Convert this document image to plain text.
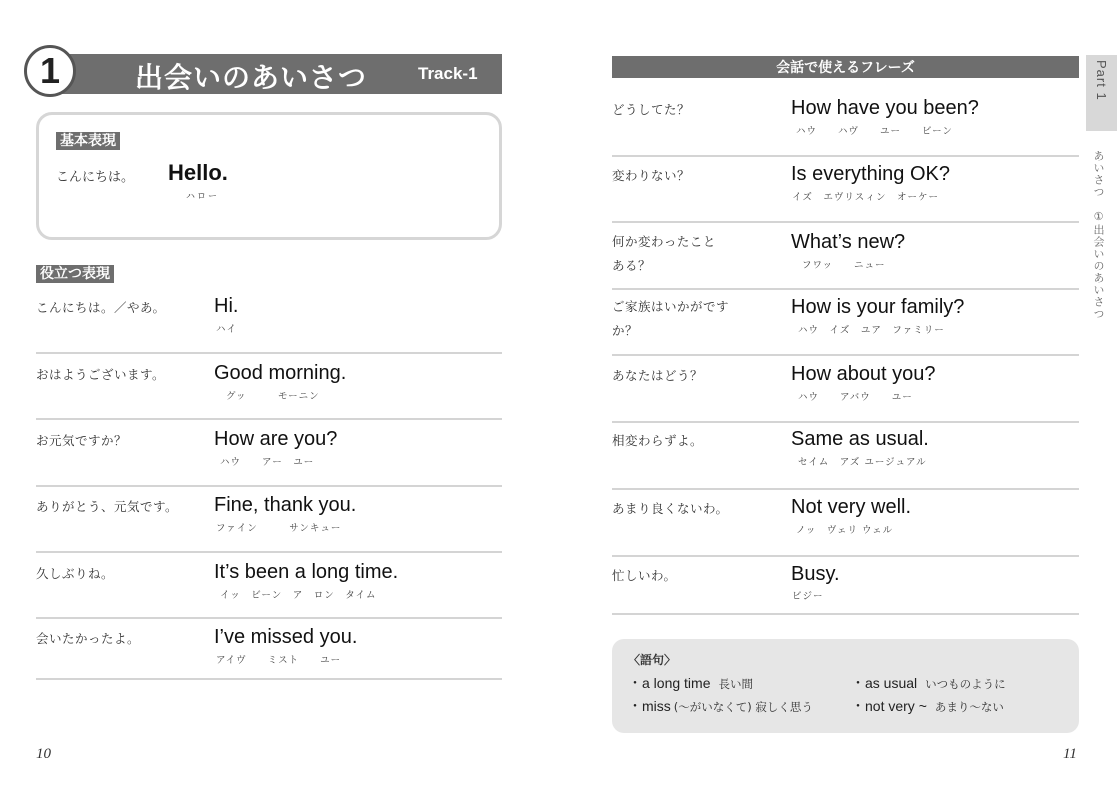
1	出会いのあいさつ	Track-1
基本表現
こんにちは。 Hello.
ハロー
役立つ表現
こんにちは。／やあ。 Hi.
ハイ
おはようございます。 Good morning.
グッ　　　モーニン
お元気ですか？	How are you?
ハウ　　アー　ユー
ありがとう、元気です。 Fine, thank you.
ファイン　　　サンキュー
久しぶりね。	It’s been a long time.
イッ　ビーン　ア　ロン　タイム
会いたかったよ。	I’ve missed you.
アイヴ　　ミスト　　ユー
10
会話で使えるフレーズ
どうしてた？	How have you been?
ハウ　　ハヴ　　ユー　　ビーン
変わりない？	Is everything OK?
イズ　エヴリスィン　オーケー
何か変わったこと
ある？
What’s new?
フワッ　　ニュー
ご家族はいかがです
か？
How is your family?
ハウ　イズ　ユア　ファミリー
あなたはどう？	How about you?
ハウ　　アバウ　　ユー
相変わらずよ。	Same as usual.
セイム　アズ ユージュアル
あまり良くないわ。	Not very well.
ノッ　ヴェリ ウェル
忙しいわ。	Busy.
ビジー
〈語句〉
・a long time 長い間	・as usual いつものように
・miss (〜がいなくて) 寂しく思う	・not very ~ あまり〜ない
Part 1
あいさつ　①出会いのあいさつ
11
